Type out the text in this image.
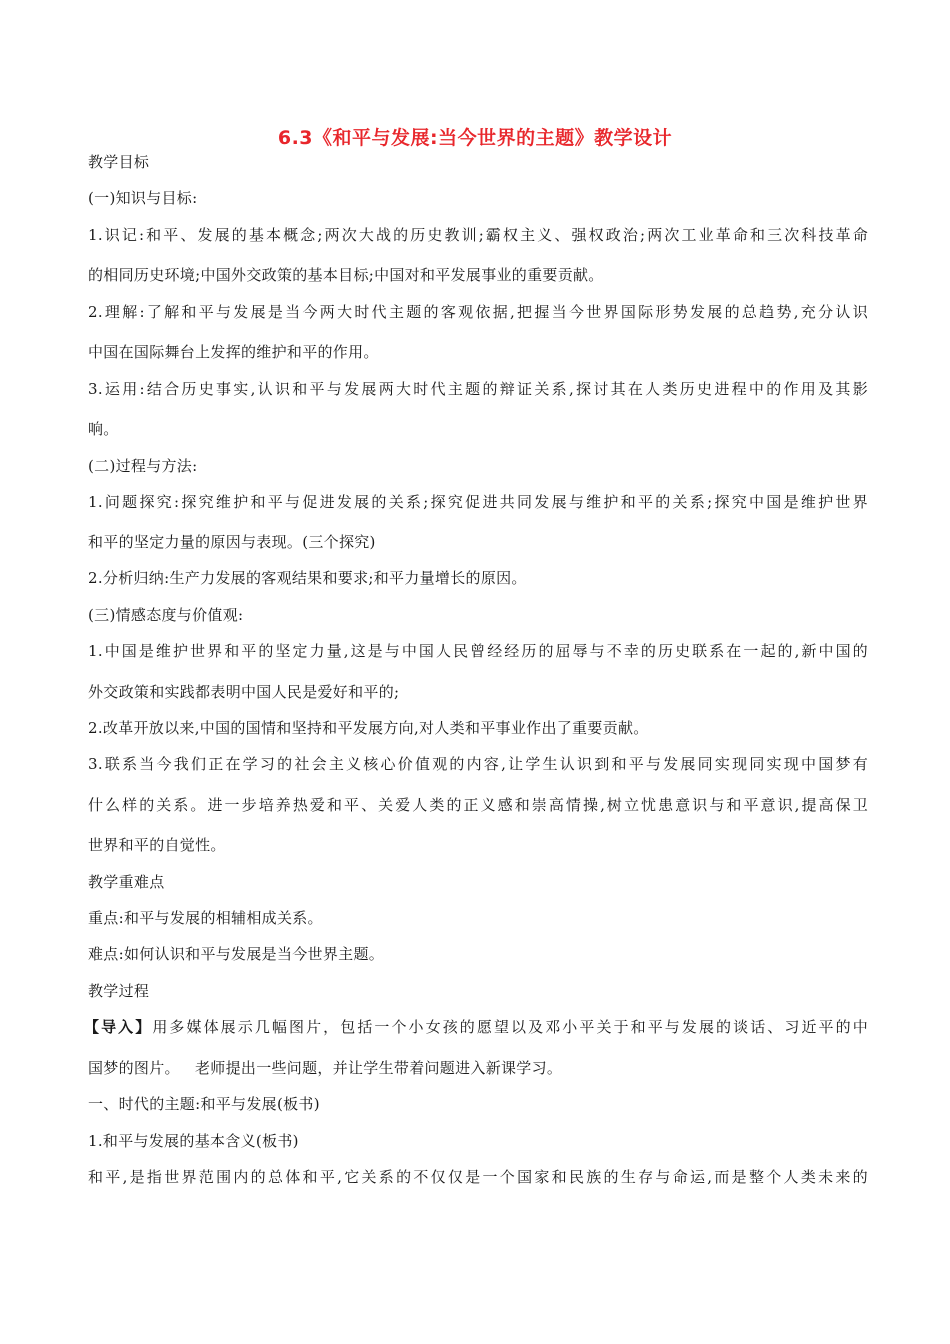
6.3《和平与发展:当今世界的主题》教学设计
教学目标
(一)知识与目标:
1.识记:和平、发展的基本概念;两次大战的历史教训;霸权主义、强权政治;两次工业革命和三次科技革命
的相同历史环境;中国外交政策的基本目标;中国对和平发展事业的重要贡献。
2.理解:了解和平与发展是当今两大时代主题的客观依据,把握当今世界国际形势发展的总趋势,充分认识
中国在国际舞台上发挥的维护和平的作用。
3.运用:结合历史事实,认识和平与发展两大时代主题的辩证关系,探讨其在人类历史进程中的作用及其影
响。
(二)过程与方法:
1.问题探究:探究维护和平与促进发展的关系;探究促进共同发展与维护和平的关系;探究中国是维护世界
和平的坚定力量的原因与表现。(三个探究)
2.分析归纳:生产力发展的客观结果和要求;和平力量增长的原因。
(三)情感态度与价值观:
1.中国是维护世界和平的坚定力量,这是与中国人民曾经经历的屈辱与不幸的历史联系在一起的,新中国的
外交政策和实践都表明中国人民是爱好和平的;
2.改革开放以来,中国的国情和坚持和平发展方向,对人类和平事业作出了重要贡献。
3.联系当今我们正在学习的社会主义核心价值观的内容,让学生认识到和平与发展同实现同实现中国梦有
什么样的关系。进一步培养热爱和平、关爱人类的正义感和崇高情操,树立忧患意识与和平意识,提高保卫
世界和平的自觉性。
教学重难点
重点:和平与发展的相辅相成关系。
难点:如何认识和平与发展是当今世界主题。
教学过程
【导入】用多媒体展示几幅图片，包括一个小女孩的愿望以及邓小平关于和平与发展的谈话、习近平的中
国梦的图片。   老师提出一些问题，并让学生带着问题进入新课学习。
一、时代的主题:和平与发展(板书)
1.和平与发展的基本含义(板书)
和平,是指世界范围内的总体和平,它关系的不仅仅是一个国家和民族的生存与命运,而是整个人类未来的
